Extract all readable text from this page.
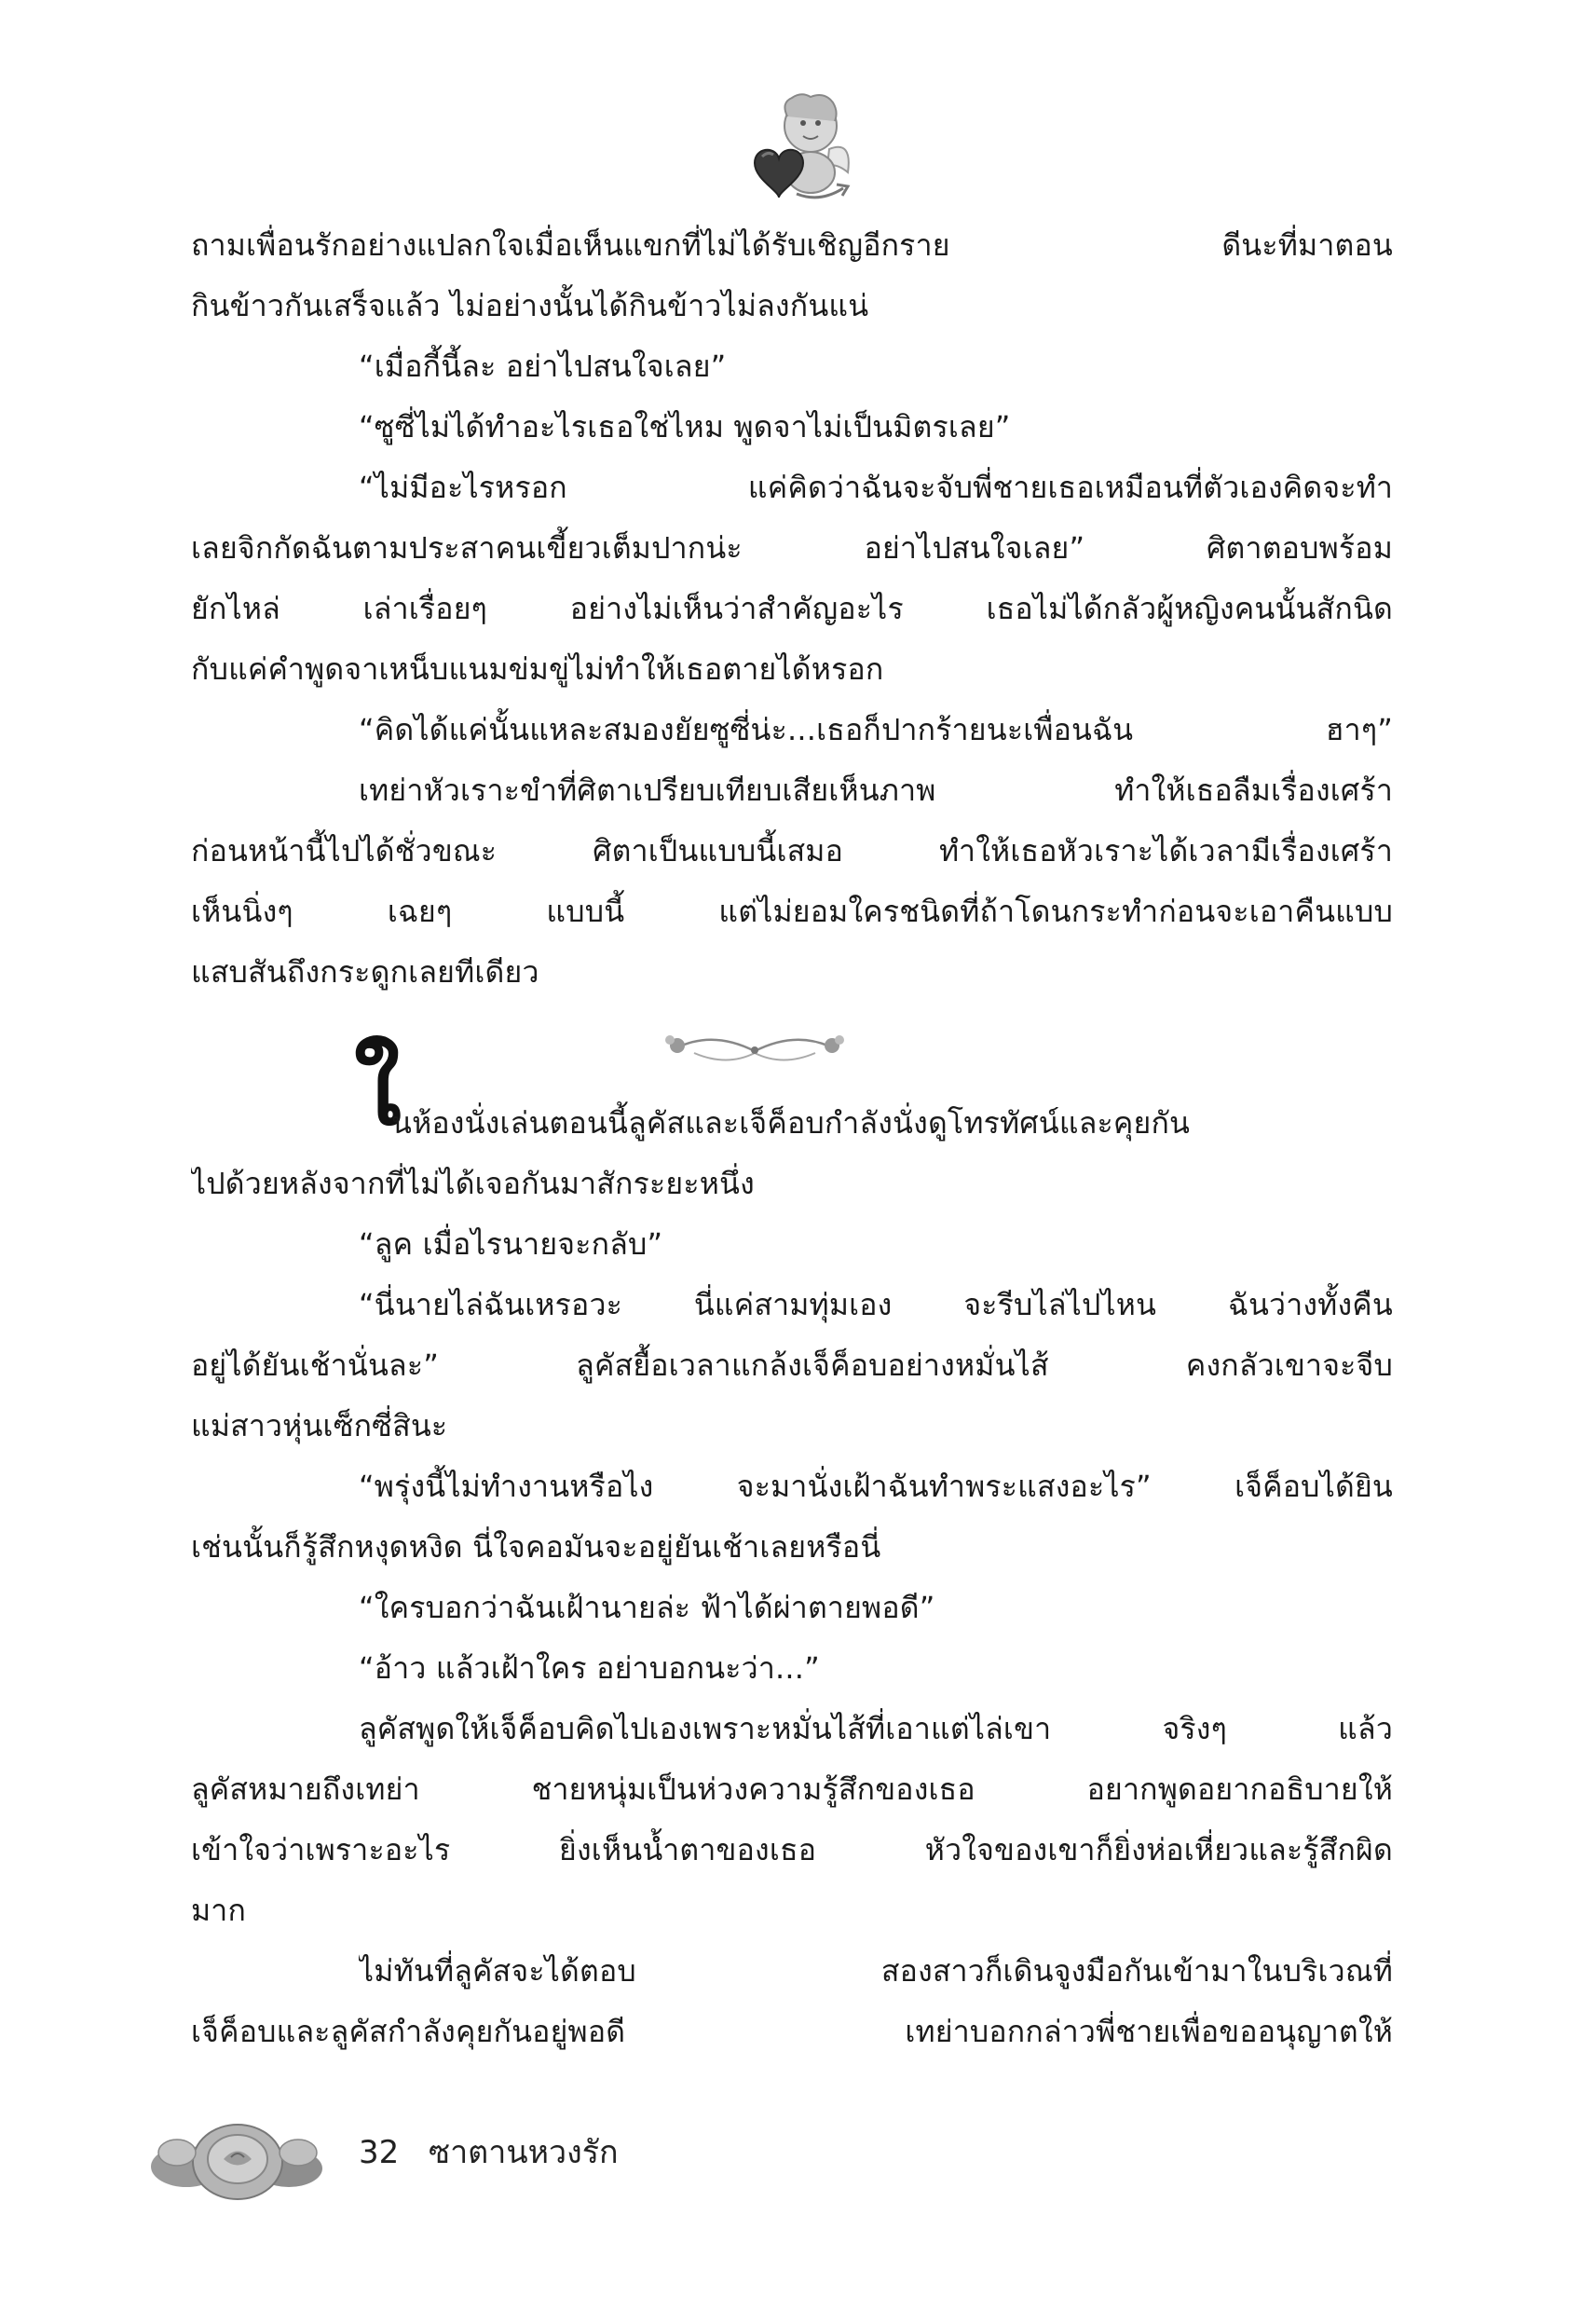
ถามเพื่อนรักอย่างแปลกใจเมื่อเห็นแขกที่ไม่ได้รับเชิญอีกราย ดีนะที่มาตอน
กินข้าวกันเสร็จแล้ว ไม่อย่างนั้นได้กินข้าวไม่ลงกันแน่
“เมื่อกี้นี้ละ อย่าไปสนใจเลย”
“ซูซี่ไม่ได้ทำอะไรเธอใช่ไหม พูดจาไม่เป็นมิตรเลย”
“ไม่มีอะไรหรอก แค่คิดว่าฉันจะจับพี่ชายเธอเหมือนที่ตัวเองคิดจะทำ
เลยจิกกัดฉันตามประสาคนเขี้ยวเต็มปากน่ะ อย่าไปสนใจเลย” ศิตาตอบพร้อม
ยักไหล่ เล่าเรื่อยๆ อย่างไม่เห็นว่าสำคัญอะไร เธอไม่ได้กลัวผู้หญิงคนนั้นสักนิด
กับแค่คำพูดจาเหน็บแนมข่มขู่ไม่ทำให้เธอตายได้หรอก
“คิดได้แค่นั้นแหละสมองยัยซูซี่น่ะ...เธอก็ปากร้ายนะเพื่อนฉัน ฮาๆ”
เทย่าหัวเราะขำที่ศิตาเปรียบเทียบเสียเห็นภาพ ทำให้เธอลืมเรื่องเศร้า
ก่อนหน้านี้ไปได้ชั่วขณะ ศิตาเป็นแบบนี้เสมอ ทำให้เธอหัวเราะได้เวลามีเรื่องเศร้า
เห็นนิ่งๆ เฉยๆ แบบนี้ แต่ไม่ยอมใครชนิดที่ถ้าโดนกระทำก่อนจะเอาคืนแบบ
แสบสันถึงกระดูกเลยทีเดียว
ใ
นห้องนั่งเล่นตอนนี้ลูคัสและเจ็ค็อบกำลังนั่งดูโทรทัศน์และคุยกัน
ไปด้วยหลังจากที่ไม่ได้เจอกันมาสักระยะหนึ่ง
“ลูค เมื่อไรนายจะกลับ”
“นี่นายไล่ฉันเหรอวะ นี่แค่สามทุ่มเอง จะรีบไล่ไปไหน ฉันว่างทั้งคืน
อยู่ได้ยันเช้านั่นละ” ลูคัสยื้อเวลาแกล้งเจ็ค็อบอย่างหมั่นไส้ คงกลัวเขาจะจีบ
แม่สาวหุ่นเซ็กซี่สินะ
“พรุ่งนี้ไม่ทำงานหรือไง จะมานั่งเฝ้าฉันทำพระแสงอะไร” เจ็ค็อบได้ยิน
เช่นนั้นก็รู้สึกหงุดหงิด นี่ใจคอมันจะอยู่ยันเช้าเลยหรือนี่
“ใครบอกว่าฉันเฝ้านายล่ะ ฟ้าได้ผ่าตายพอดี”
“อ้าว แล้วเฝ้าใคร อย่าบอกนะว่า...”
ลูคัสพูดให้เจ็ค็อบคิดไปเองเพราะหมั่นไส้ที่เอาแต่ไล่เขา จริงๆ แล้ว
ลูคัสหมายถึงเทย่า ชายหนุ่มเป็นห่วงความรู้สึกของเธอ อยากพูดอยากอธิบายให้
เข้าใจว่าเพราะอะไร ยิ่งเห็นน้ำตาของเธอ หัวใจของเขาก็ยิ่งห่อเหี่ยวและรู้สึกผิด
มาก
ไม่ทันที่ลูคัสจะได้ตอบ สองสาวก็เดินจูงมือกันเข้ามาในบริเวณที่
เจ็ค็อบและลูคัสกำลังคุยกันอยู่พอดี เทย่าบอกกล่าวพี่ชายเพื่อขออนุญาตให้
32 ซาตานหวงรัก
